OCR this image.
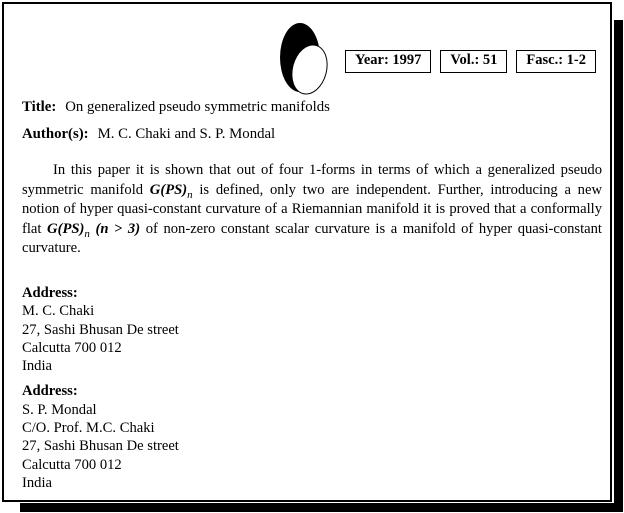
Year: 1997	Vol.: 51	Fasc.: 1-2
Title: On generalized pseudo symmetric manifolds
Author(s): M. C. Chaki and S. P. Mondal
In this paper it is shown that out of four 1-forms in terms of which a generalized pseudo symmetric manifold $G(PS)_n$ is defined, only two are independent. Further, introducing a new notion of hyper quasi-constant curvature of a Riemannian manifold it is proved that a conformally flat $G(PS)_n$ (n > 3) of non-zero constant scalar curvature is a manifold of hyper quasi-constant curvature.
Address:
M. C. Chaki
27, Sashi Bhusan De street
Calcutta 700 012
India
Address:
S. P. Mondal
C/O. Prof. M.C. Chaki
27, Sashi Bhusan De street
Calcutta 700 012
India
